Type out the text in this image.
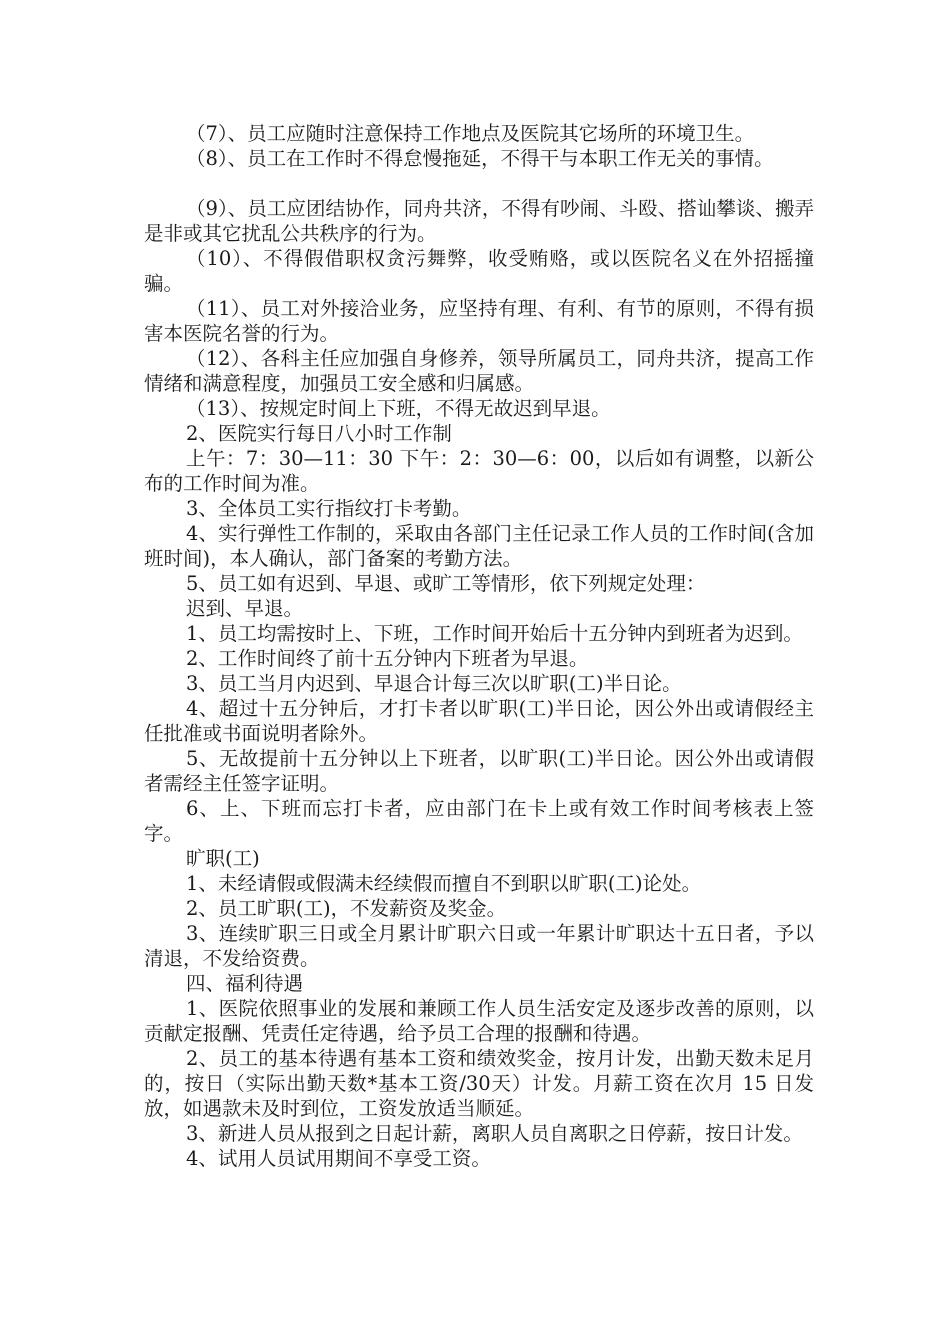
（7）、员工应随时注意保持工作地点及医院其它场所的环境卫生。

（8）、员工在工作时不得怠慢拖延，不得干与本职工作无关的事情。

（9）、员工应团结协作，同舟共济，不得有吵闹、斗殴、搭讪攀谈、搬弄是非或其它扰乱公共秩序的行为。

（10）、不得假借职权贪污舞弊，收受贿赂，或以医院名义在外招摇撞骗。

（11）、员工对外接洽业务，应坚持有理、有利、有节的原则，不得有损害本医院名誉的行为。

（12）、各科主任应加强自身修养，领导所属员工，同舟共济，提高工作情绪和满意程度，加强员工安全感和归属感。

（13）、按规定时间上下班，不得无故迟到早退。

2、医院实行每日八小时工作制

上午：7：30—11：30 下午：2：30—6：00，以后如有调整，以新公布的工作时间为准。

3、全体员工实行指纹打卡考勤。

4、实行弹性工作制的，采取由各部门主任记录工作人员的工作时间(含加班时间)，本人确认，部门备案的考勤方法。

5、员工如有迟到、早退、或旷工等情形，依下列规定处理：

迟到、早退。

1、员工均需按时上、下班，工作时间开始后十五分钟内到班者为迟到。

2、工作时间终了前十五分钟内下班者为早退。

3、员工当月内迟到、早退合计每三次以旷职(工)半日论。

4、超过十五分钟后，才打卡者以旷职(工)半日论，因公外出或请假经主任批准或书面说明者除外。

5、无故提前十五分钟以上下班者，以旷职(工)半日论。因公外出或请假者需经主任签字证明。

6、上、下班而忘打卡者，应由部门在卡上或有效工作时间考核表上签字。

旷职(工)

1、未经请假或假满未经续假而擅自不到职以旷职(工)论处。

2、员工旷职(工)，不发薪资及奖金。

3、连续旷职三日或全月累计旷职六日或一年累计旷职达十五日者，予以清退，不发给资费。

四、福利待遇

1、医院依照事业的发展和兼顾工作人员生活安定及逐步改善的原则，以贡献定报酬、凭责任定待遇，给予员工合理的报酬和待遇。

2、员工的基本待遇有基本工资和绩效奖金，按月计发，出勤天数未足月的，按日（实际出勤天数*基本工资/30天）计发。月薪工资在次月 15 日发放，如遇款未及时到位，工资发放适当顺延。

3、新进人员从报到之日起计薪，离职人员自离职之日停薪，按日计发。

4、试用人员试用期间不享受工资。
